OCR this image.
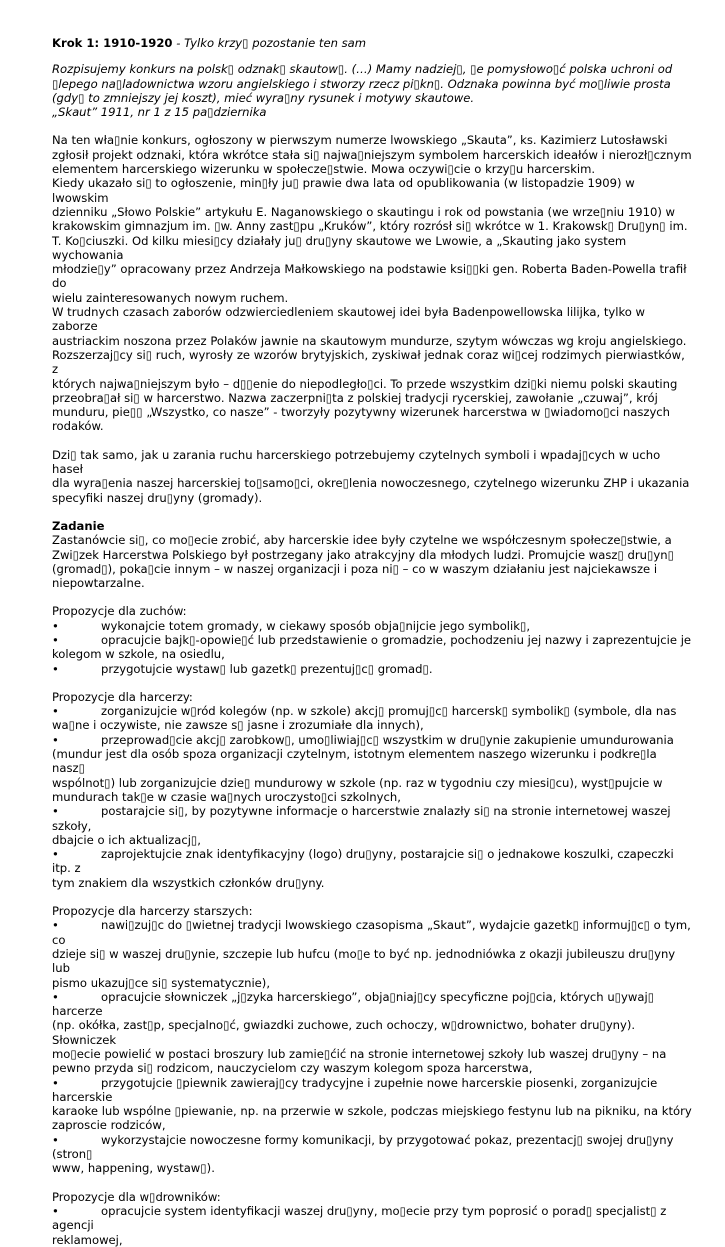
Krok 1: 1910-1920 - Tylko krzy▯ pozostanie ten sam

Rozpisujemy konkurs na polsk▯ odznak▯ skautow▯. (…) Mamy nadziej▯, ▯e pomysłowo▯ć polska uchroni od

▯lepego na▯ladownictwa wzoru angielskiego i stworzy rzecz pi▯kn▯. Odznaka powinna być mo▯liwie prosta

(gdy▯ to zmniejszy jej koszt), mieć wyra▯ny rysunek i motywy skautowe.

„Skaut” 1911, nr 1 z 15 pa▯dziernika

Na ten wła▯nie konkurs, ogłoszony w pierwszym numerze lwowskiego „Skauta”, ks. Kazimierz Lutosławski

zgłosił projekt odznaki, która wkrótce stała si▯ najwa▯niejszym symbolem harcerskich ideałów i nierozł▯cznym

elementem harcerskiego wizerunku w społecze▯stwie. Mowa oczywi▯cie o krzy▯u harcerskim.

Kiedy ukazało si▯ to ogłoszenie, min▯ły ju▯ prawie dwa lata od opublikowania (w listopadzie 1909) w lwowskim

dzienniku „Słowo Polskie” artykułu E. Naganowskiego o skautingu i rok od powstania (we wrze▯niu 1910) w

krakowskim gimnazjum im. ▯w. Anny zast▯pu „Kruków”, który rozrósł si▯ wkrótce w 1. Krakowsk▯ Dru▯yn▯ im.

T. Ko▯ciuszki. Od kilku miesi▯cy działały ju▯ dru▯yny skautowe we Lwowie, a „Skauting jako system wychowania

młodzie▯y” opracowany przez Andrzeja Małkowskiego na podstawie ksi▯▯ki gen. Roberta Baden-Powella trafił do

wielu zainteresowanych nowym ruchem.

W trudnych czasach zaborów odzwierciedleniem skautowej idei była Badenpowellowska lilijka, tylko w zaborze

austriackim noszona przez Polaków jawnie na skautowym mundurze, szytym wówczas wg kroju angielskiego.

Rozszerzaj▯cy si▯ ruch, wyrosły ze wzorów brytyjskich, zyskiwał jednak coraz wi▯cej rodzimych pierwiastków, z

których najwa▯niejszym było – d▯▯enie do niepodległo▯ci. To przede wszystkim dzi▯ki niemu polski skauting

przeobra▯ał si▯ w harcerstwo. Nazwa zaczerpni▯ta z polskiej tradycji rycerskiej, zawołanie „czuwaj”, krój

munduru, pie▯▯ „Wszystko, co nasze” - tworzyły pozytywny wizerunek harcerstwa w ▯wiadomo▯ci naszych

rodaków.

Dzi▯ tak samo, jak u zarania ruchu harcerskiego potrzebujemy czytelnych symboli i wpadaj▯cych w ucho haseł

dla wyra▯enia naszej harcerskiej to▯samo▯ci, okre▯lenia nowoczesnego, czytelnego wizerunku ZHP i ukazania

specyfiki naszej dru▯yny (gromady).

Zadanie

Zastanówcie si▯, co mo▯ecie zrobić, aby harcerskie idee były czytelne we współczesnym społecze▯stwie, a

Zwi▯zek Harcerstwa Polskiego był postrzegany jako atrakcyjny dla młodych ludzi. Promujcie wasz▯ dru▯yn▯

(gromad▯), poka▯cie innym – w naszej organizacji i poza ni▯ – co w waszym działaniu jest najciekawsze i

niepowtarzalne.

Propozycje dla zuchów:

•	wykonajcie totem gromady, w ciekawy sposób obja▯nijcie jego symbolik▯,

•	opracujcie bajk▯-opowie▯ć lub przedstawienie o gromadzie, pochodzeniu jej nazwy i zaprezentujcie je

kolegom w szkole, na osiedlu,

•	przygotujcie wystaw▯ lub gazetk▯ prezentuj▯c▯ gromad▯.

Propozycje dla harcerzy:

•	zorganizujcie w▯ród kolegów (np. w szkole) akcj▯ promuj▯c▯ harcersk▯ symbolik▯ (symbole, dla nas

wa▯ne i oczywiste, nie zawsze s▯ jasne i zrozumiałe dla innych),

•	przeprowad▯cie akcj▯ zarobkow▯, umo▯liwiaj▯c▯ wszystkim w dru▯ynie zakupienie umundurowania

(mundur jest dla osób spoza organizacji czytelnym, istotnym elementem naszego wizerunku i podkre▯la nasz▯

wspólnot▯) lub zorganizujcie dzie▯ mundurowy w szkole (np. raz w tygodniu czy miesi▯cu), wyst▯pujcie w

mundurach tak▯e w czasie wa▯nych uroczysto▯ci szkolnych,

•	postarajcie si▯, by pozytywne informacje o harcerstwie znalazły si▯ na stronie internetowej waszej szkoły,

dbajcie o ich aktualizacj▯,

•	zaprojektujcie znak identyfikacyjny (logo) dru▯yny, postarajcie si▯ o jednakowe koszulki, czapeczki itp. z

tym znakiem dla wszystkich członków dru▯yny.

Propozycje dla harcerzy starszych:

•	nawi▯zuj▯c do ▯wietnej tradycji lwowskiego czasopisma „Skaut”, wydajcie gazetk▯ informuj▯c▯ o tym, co

dzieje si▯ w waszej dru▯ynie, szczepie lub hufcu (mo▯e to być np. jednodniówka z okazji jubileuszu dru▯yny lub

pismo ukazuj▯ce si▯ systematycznie),

•	opracujcie słowniczek „j▯zyka harcerskiego”, obja▯niaj▯cy specyficzne poj▯cia, których u▯ywaj▯ harcerze

(np. okółka, zast▯p, specjalno▯ć, gwiazdki zuchowe, zuch ochoczy, w▯drownictwo, bohater dru▯yny). Słowniczek

mo▯ecie powielić w postaci broszury lub zamie▯ćić na stronie internetowej szkoły lub waszej dru▯yny – na

pewno przyda si▯ rodzicom, nauczycielom czy waszym kolegom spoza harcerstwa,

•	przygotujcie ▯piewnik zawieraj▯cy tradycyjne i zupełnie nowe harcerskie piosenki, zorganizujcie harcerskie

karaoke lub wspólne ▯piewanie, np. na przerwie w szkole, podczas miejskiego festynu lub na pikniku, na który

zaproscie rodziców,

•	wykorzystajcie nowoczesne formy komunikacji, by przygotować pokaz, prezentacj▯ swojej dru▯yny (stron▯

www, happening, wystaw▯).

Propozycje dla w▯drowników:

•	opracujcie system identyfikacji waszej dru▯yny, mo▯ecie przy tym poprosić o porad▯ specjalist▯ z agencji

reklamowej,
